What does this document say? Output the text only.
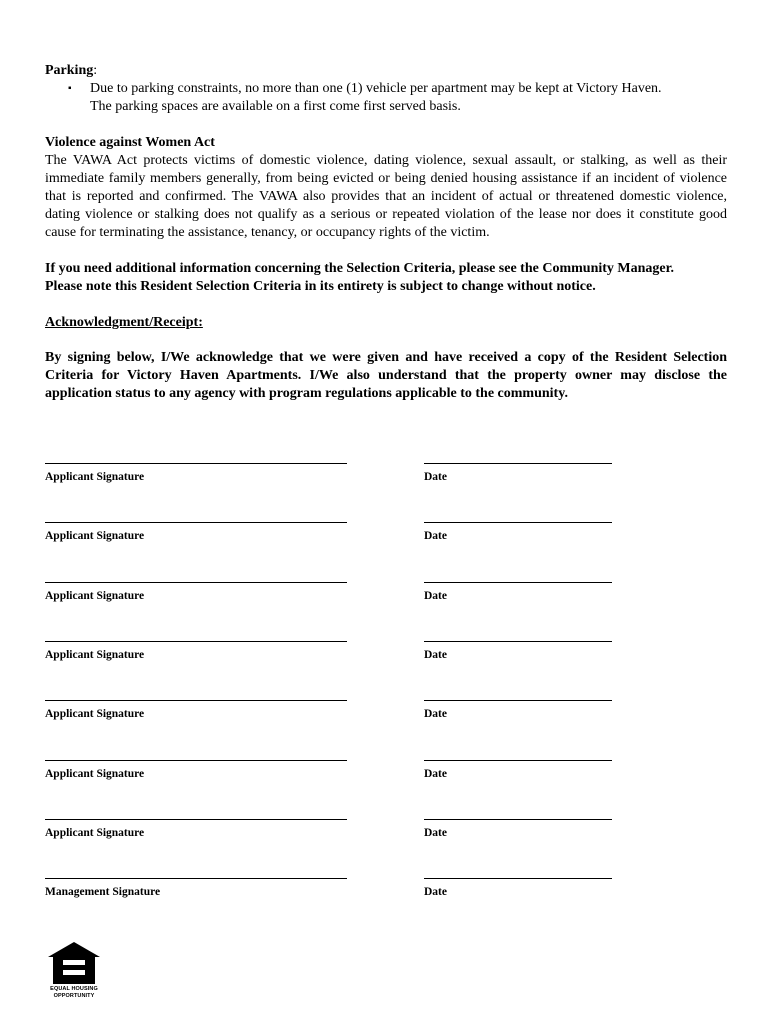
Parking:
▪ Due to parking constraints, no more than one (1) vehicle per apartment may be kept at Victory Haven.
The parking spaces are available on a first come first served basis.
Violence against Women Act
The VAWA Act protects victims of domestic violence, dating violence, sexual assault, or stalking, as well as their immediate family members generally, from being evicted or being denied housing assistance if an incident of violence that is reported and confirmed. The VAWA also provides that an incident of actual or threatened domestic violence, dating violence or stalking does not qualify as a serious or repeated violation of the lease nor does it constitute good cause for terminating the assistance, tenancy, or occupancy rights of the victim.
If you need additional information concerning the Selection Criteria, please see the Community Manager.
Please note this Resident Selection Criteria in its entirety is subject to change without notice.
Acknowledgment/Receipt:
By signing below, I/We acknowledge that we were given and have received a copy of the Resident Selection Criteria for Victory Haven Apartments. I/We also understand that the property owner may disclose the application status to any agency with program regulations applicable to the community.
Applicant Signature	Date
Applicant Signature	Date
Applicant Signature	Date
Applicant Signature	Date
Applicant Signature	Date
Applicant Signature	Date
Applicant Signature	Date
Management Signature	Date
EQUAL HOUSING
OPPORTUNITY
